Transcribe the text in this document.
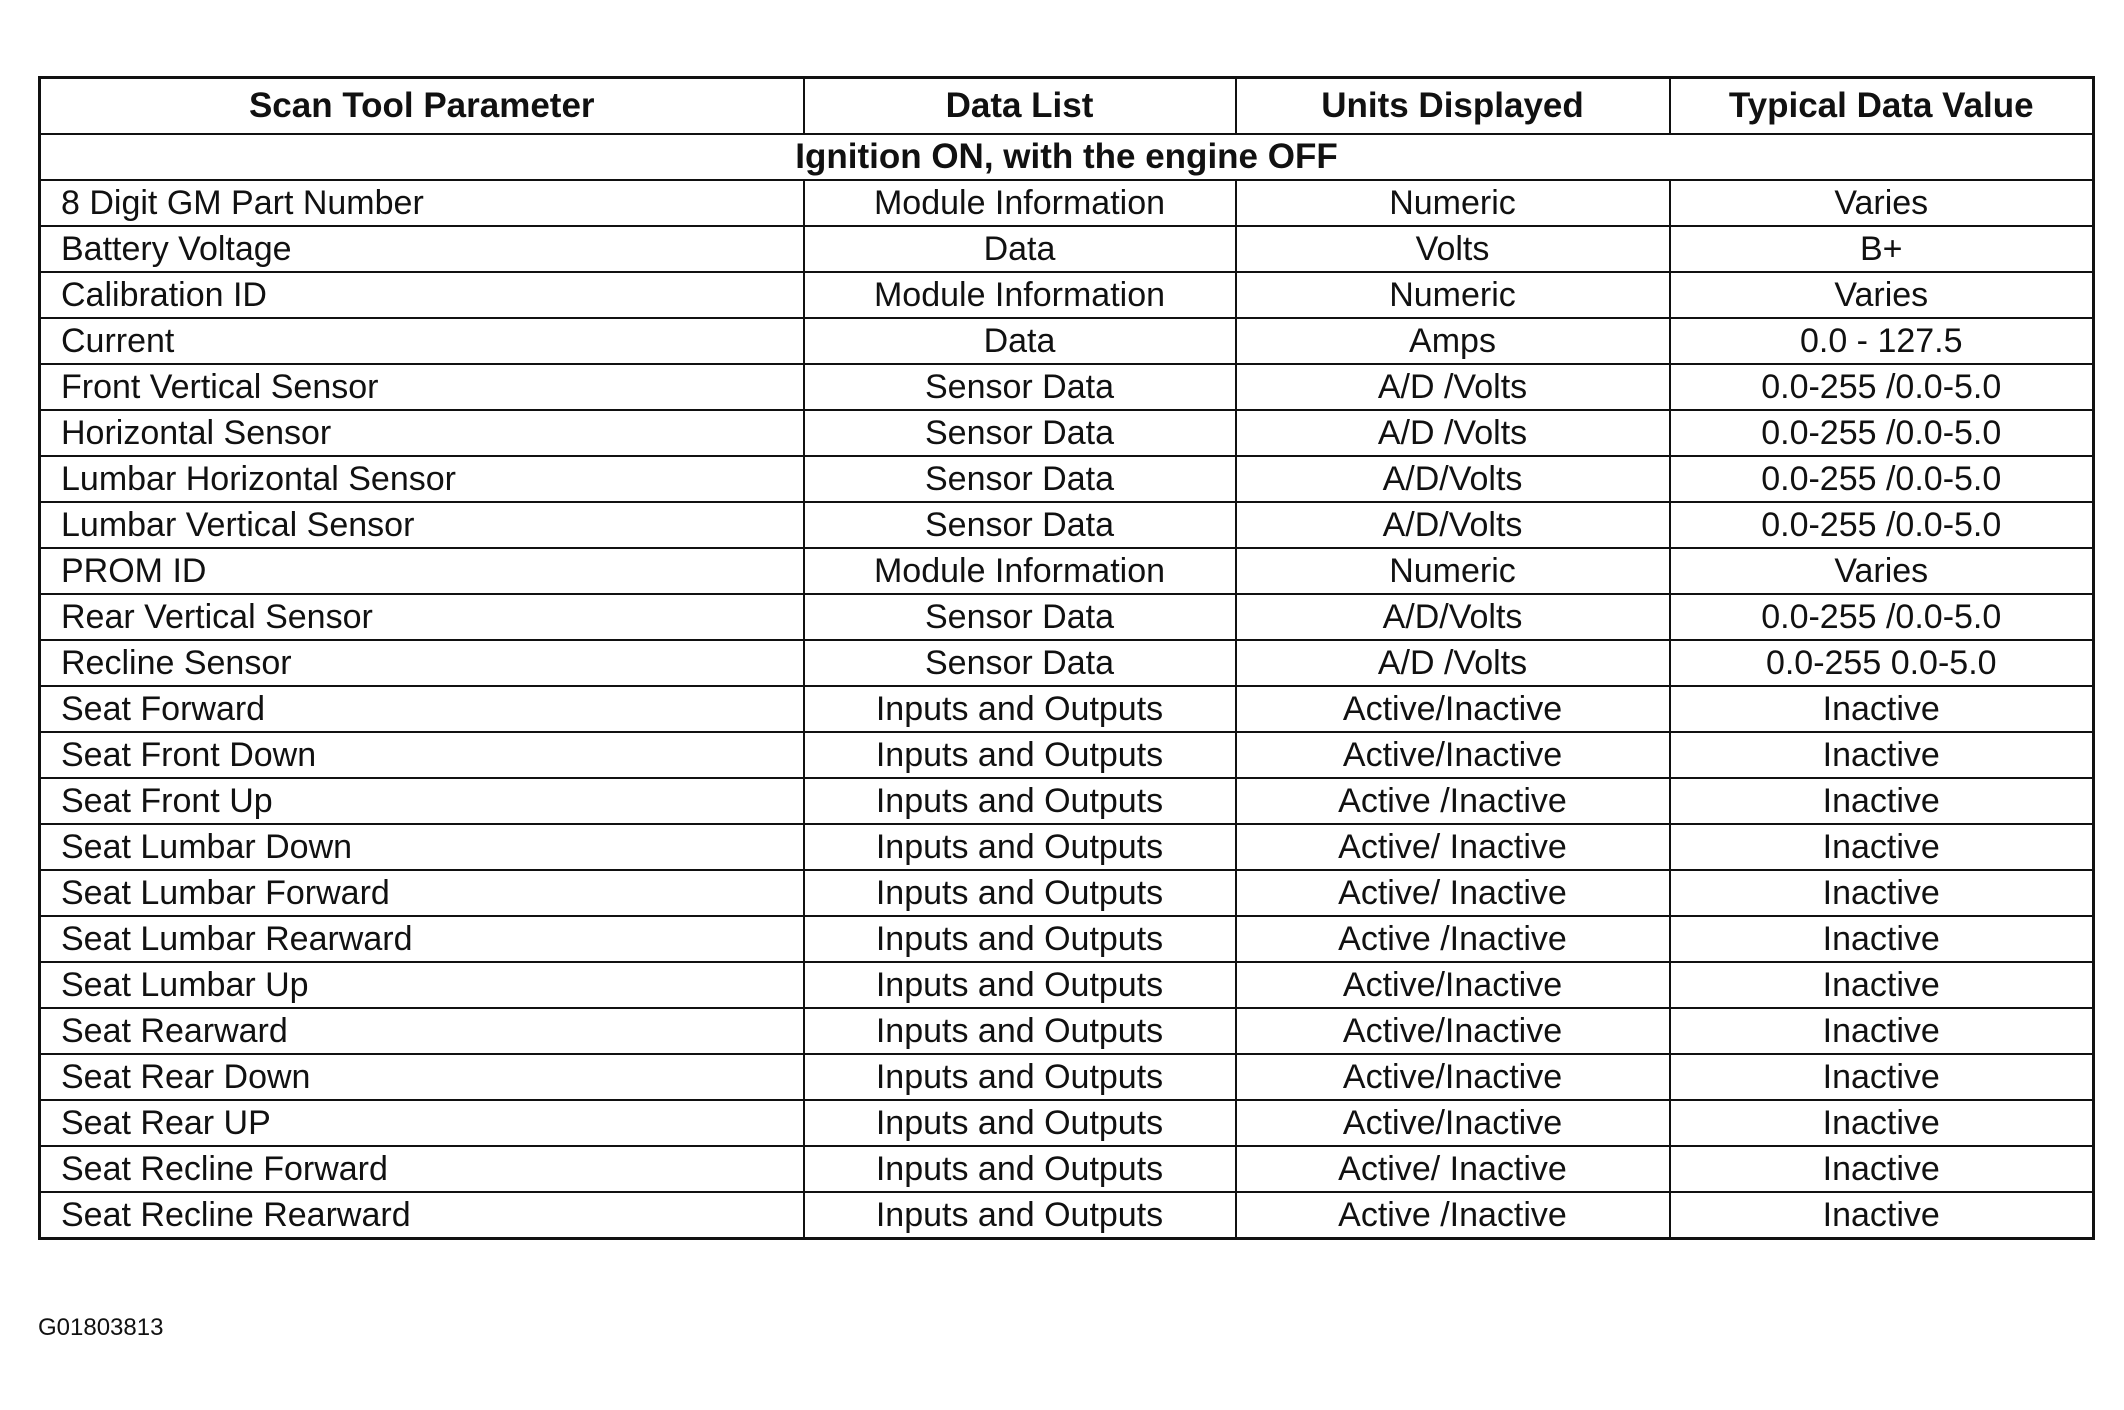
Scan Tool Parameter	Data List	Units Displayed	Typical Data Value
Ignition ON, with the engine OFF			
8 Digit GM Part Number	Module Information	Numeric	Varies
Battery Voltage	Data	Volts	B+
Calibration ID	Module Information	Numeric	Varies
Current	Data	Amps	0.0 - 127.5
Front Vertical Sensor	Sensor Data	A/D /Volts	0.0-255 /0.0-5.0
Horizontal Sensor	Sensor Data	A/D /Volts	0.0-255 /0.0-5.0
Lumbar Horizontal Sensor	Sensor Data	A/D/Volts	0.0-255 /0.0-5.0
Lumbar Vertical Sensor	Sensor Data	A/D/Volts	0.0-255 /0.0-5.0
PROM ID	Module Information	Numeric	Varies
Rear Vertical Sensor	Sensor Data	A/D/Volts	0.0-255 /0.0-5.0
Recline Sensor	Sensor Data	A/D /Volts	0.0-255 0.0-5.0
Seat Forward	Inputs and Outputs	Active/Inactive	Inactive
Seat Front Down	Inputs and Outputs	Active/Inactive	Inactive
Seat Front Up	Inputs and Outputs	Active /Inactive	Inactive
Seat Lumbar Down	Inputs and Outputs	Active/ Inactive	Inactive
Seat Lumbar Forward	Inputs and Outputs	Active/ Inactive	Inactive
Seat Lumbar Rearward	Inputs and Outputs	Active /Inactive	Inactive
Seat Lumbar Up	Inputs and Outputs	Active/Inactive	Inactive
Seat Rearward	Inputs and Outputs	Active/Inactive	Inactive
Seat Rear Down	Inputs and Outputs	Active/Inactive	Inactive
Seat Rear UP	Inputs and Outputs	Active/Inactive	Inactive
Seat Recline Forward	Inputs and Outputs	Active/ Inactive	Inactive
Seat Recline Rearward	Inputs and Outputs	Active /Inactive	Inactive
G01803813
